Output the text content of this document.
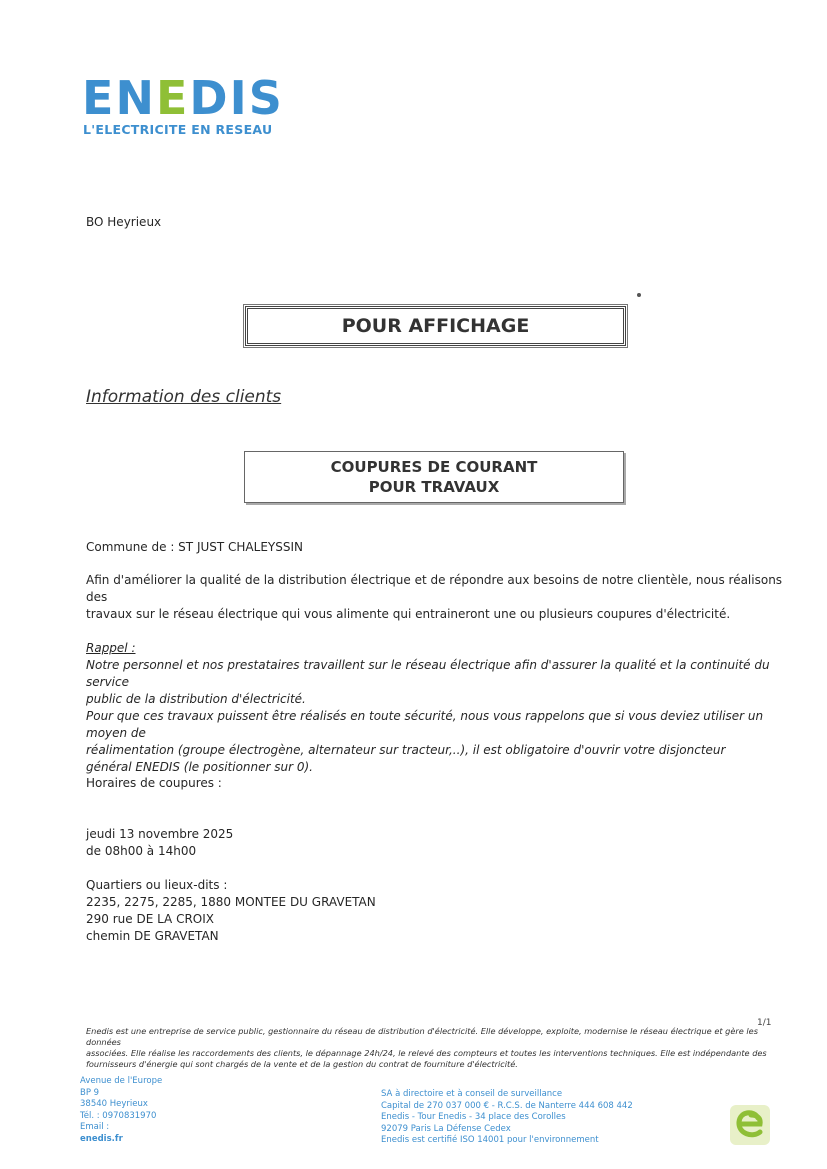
ENEDIS
L'ELECTRICITE EN RESEAU
BO Heyrieux
POUR AFFICHAGE
Information des clients
COUPURES DE COURANT
POUR TRAVAUX
Commune de : ST JUST CHALEYSSIN
Afin d'améliorer la qualité de la distribution électrique et de répondre aux besoins de notre clientèle, nous réalisons des
travaux sur le réseau électrique qui vous alimente qui entraineront une ou plusieurs coupures d'électricité.
Rappel :
Notre personnel et nos prestataires travaillent sur le réseau électrique afin d'assurer la qualité et la continuité du service
public de la distribution d'électricité.
Pour que ces travaux puissent être réalisés en toute sécurité, nous vous rappelons que si vous deviez utiliser un moyen de
réalimentation (groupe électrogène, alternateur sur tracteur,..), il est obligatoire d'ouvrir votre disjoncteur
général ENEDIS (le positionner sur 0).
Horaires de coupures :
jeudi 13 novembre 2025
de 08h00 à 14h00
Quartiers ou lieux-dits :
2235, 2275, 2285, 1880 MONTEE DU GRAVETAN
290 rue DE LA CROIX
chemin DE GRAVETAN
1/1
Enedis est une entreprise de service public, gestionnaire du réseau de distribution d'électricité. Elle développe, exploite, modernise le réseau électrique et gère les données
associées. Elle réalise les raccordements des clients, le dépannage 24h/24, le relevé des compteurs et toutes les interventions techniques. Elle est indépendante des
fournisseurs d'énergie qui sont chargés de la vente et de la gestion du contrat de fourniture d'électricité.
Avenue de l'Europe
BP 9
38540 Heyrieux
Tél. : 0970831970
Email :
enedis.fr
SA à directoire et à conseil de surveillance
Capital de 270 037 000 € - R.C.S. de Nanterre 444 608 442
Enedis - Tour Enedis - 34 place des Corolles
92079 Paris La Défense Cedex
Enedis est certifié ISO 14001 pour l'environnement
